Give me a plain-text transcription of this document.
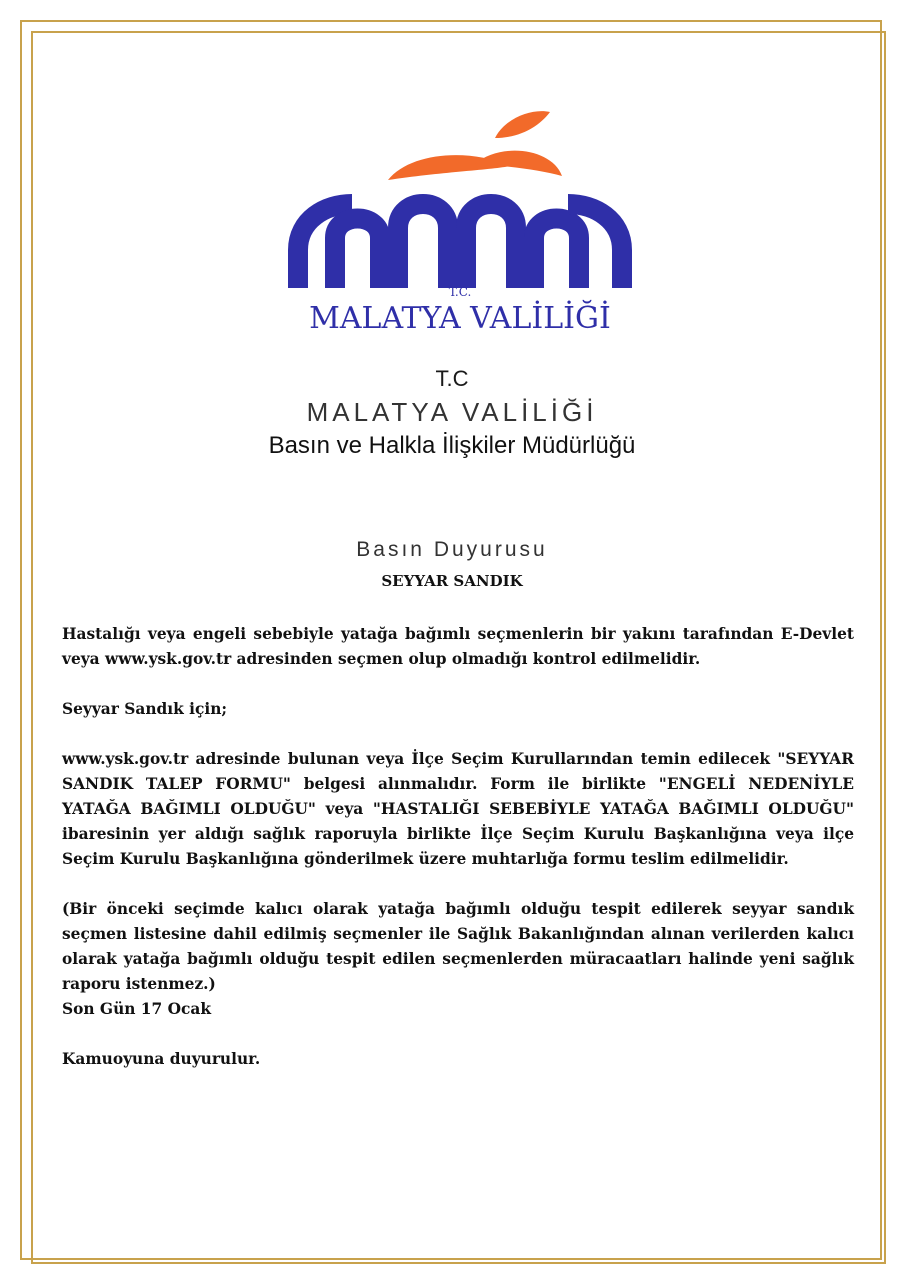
T.C.
MALATYA VALİLİĞİ
T.C
MALATYA VALİLİĞİ
Basın ve Halkla İlişkiler Müdürlüğü
Basın Duyurusu
SEYYAR SANDIK

Hastalığı veya engeli sebebiyle yatağa bağımlı seçmenlerin bir yakını tarafından E-Devlet veya www.ysk.gov.tr adresinden seçmen olup olmadığı kontrol edilmelidir.

Seyyar Sandık için;

www.ysk.gov.tr adresinde bulunan veya İlçe Seçim Kurullarından temin edilecek "SEYYAR SANDIK TALEP FORMU" belgesi alınmalıdır. Form ile birlikte "ENGELİ NEDENİYLE YATAĞA BAĞIMLI OLDUĞU" veya "HASTALIĞI SEBEBİYLE YATAĞA BAĞIMLI OLDUĞU" ibaresinin yer aldığı sağlık raporuyla birlikte İlçe Seçim Kurulu Başkanlığına veya ilçe Seçim Kurulu Başkanlığına gönderilmek üzere muhtarlığa formu teslim edilmelidir.

(Bir önceki seçimde kalıcı olarak yatağa bağımlı olduğu tespit edilerek seyyar sandık seçmen listesine dahil edilmiş seçmenler ile Sağlık Bakanlığından alınan verilerden kalıcı olarak yatağa bağımlı olduğu tespit edilen seçmenlerden müracaatları halinde yeni sağlık raporu istenmez.)

Son Gün 17 Ocak

Kamuoyuna duyurulur.
